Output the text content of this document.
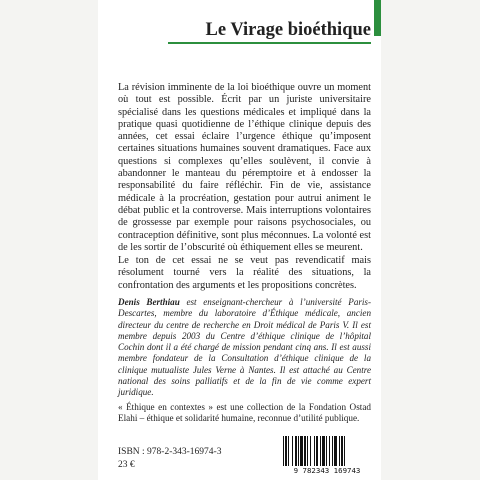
Le Virage bioéthique

La révision imminente de la loi bioéthique ouvre un moment où tout est possible. Écrit par un juriste universitaire spécialisé dans les questions médicales et impliqué dans la pratique quasi quotidienne de l’éthique clinique depuis des années, cet essai éclaire l’urgence éthique qu’imposent certaines situations humaines souvent dramatiques. Face aux questions si complexes qu’elles soulèvent, il convie à abandonner le manteau du péremptoire et à endosser la responsabilité du faire réfléchir. Fin de vie, assistance médicale à la procréation, gestation pour autrui animent le débat public et la controverse. Mais interruptions volontaires de grossesse par exemple pour raisons psychosociales, ou contraception définitive, sont plus méconnues. La volonté est de les sortir de l’obscurité où éthiquement elles se meurent.

Le ton de cet essai ne se veut pas revendicatif mais résolument tourné vers la réalité des situations, la confrontation des arguments et les propositions concrètes.

Denis Berthiau est enseignant-chercheur à l’université Paris-Descartes, membre du laboratoire d’Éthique médicale, ancien directeur du centre de recherche en Droit médical de Paris V. Il est membre depuis 2003 du Centre d’éthique clinique de l’hôpital Cochin dont il a été chargé de mission pendant cinq ans. Il est aussi membre fondateur de la Consultation d’éthique clinique de la clinique mutualiste Jules Verne à Nantes. Il est attaché au Centre national des soins palliatifs et de la fin de vie comme expert juridique.

« Éthique en contextes » est une collection de la Fondation Ostad Elahi – éthique et solidarité humaine, reconnue d’utilité publique.

ISBN : 978-2-343-16974-3
23 €
9 782343 169743
